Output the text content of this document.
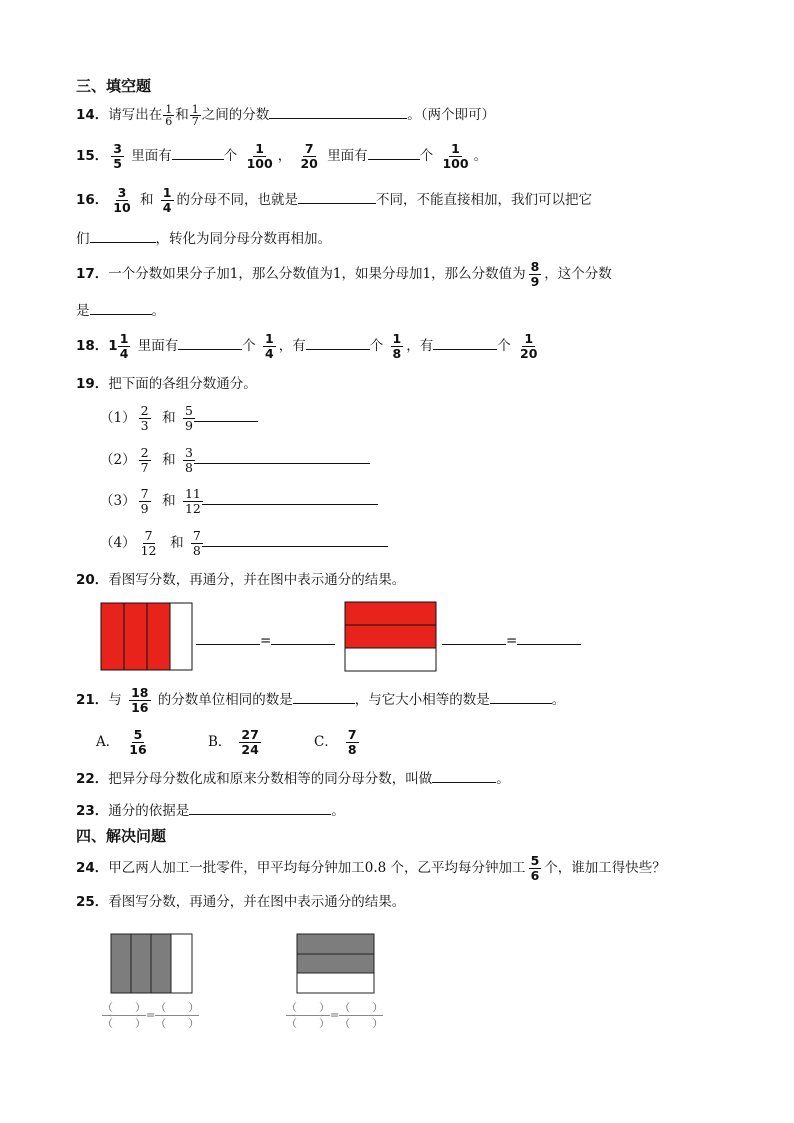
三、填空题
14．请写出在 $\frac{1}{6}$ 和 $\frac{1}{7}$ 之间的分数	。（两个即可）
15． $\frac{3}{5}$ 里面有	个 $\frac{1}{100}$ ， $\frac{7}{20}$ 里面有	个 $\frac{1}{100}$ 。
16． $\frac{3}{10}$ 和 $\frac{1}{4}$ 的分母不同，也就是	不同，不能直接相加，我们可以把它
们	，转化为同分母分数再相加。
17．一个分数如果分子加1，那么分数值为1，如果分母加1，那么分数值为 $\frac{8}{9}$ ，这个分数
是	。
18．$1 \frac{1}{4}$ 里面有	个 $\frac{1}{4}$ ，有	个 $\frac{1}{8}$ ，有	个 $\frac{1}{20}$
19．把下面的各组分数通分。
$(1) \frac{2}{3}$ 和 $\frac{5}{9}$
$(2) \frac{2}{7}$ 和 $\frac{3}{8}$
$(3) \frac{7}{9}$ 和 $\frac{11}{12}$
$(4) \frac{7}{12}$ 和 $\frac{7}{8}$
20．看图写分数，再通分，并在图中表示通分的结果。
=	=
21．与 $\frac{18}{16}$ 的分数单位相同的数是	，与它大小相等的数是	。
A． $\frac{5}{16}$	B． $\frac{27}{24}$	C． $\frac{7}{8}$
22．把异分母分数化成和原来分数相等的同分母分数，叫做	。
23．通分的依据是	。
四、解决问题
24．甲乙两人加工一批零件，甲平均每分钟加工0.8 个，乙平均每分钟加工 $\frac{5}{6}$ 个，谁加工得快些？
25．看图写分数，再通分，并在图中表示通分的结果。
（　　）
（　　）
=
（　　）
（　　）
（　　）
（　　）
=
（　　）
（　　）
